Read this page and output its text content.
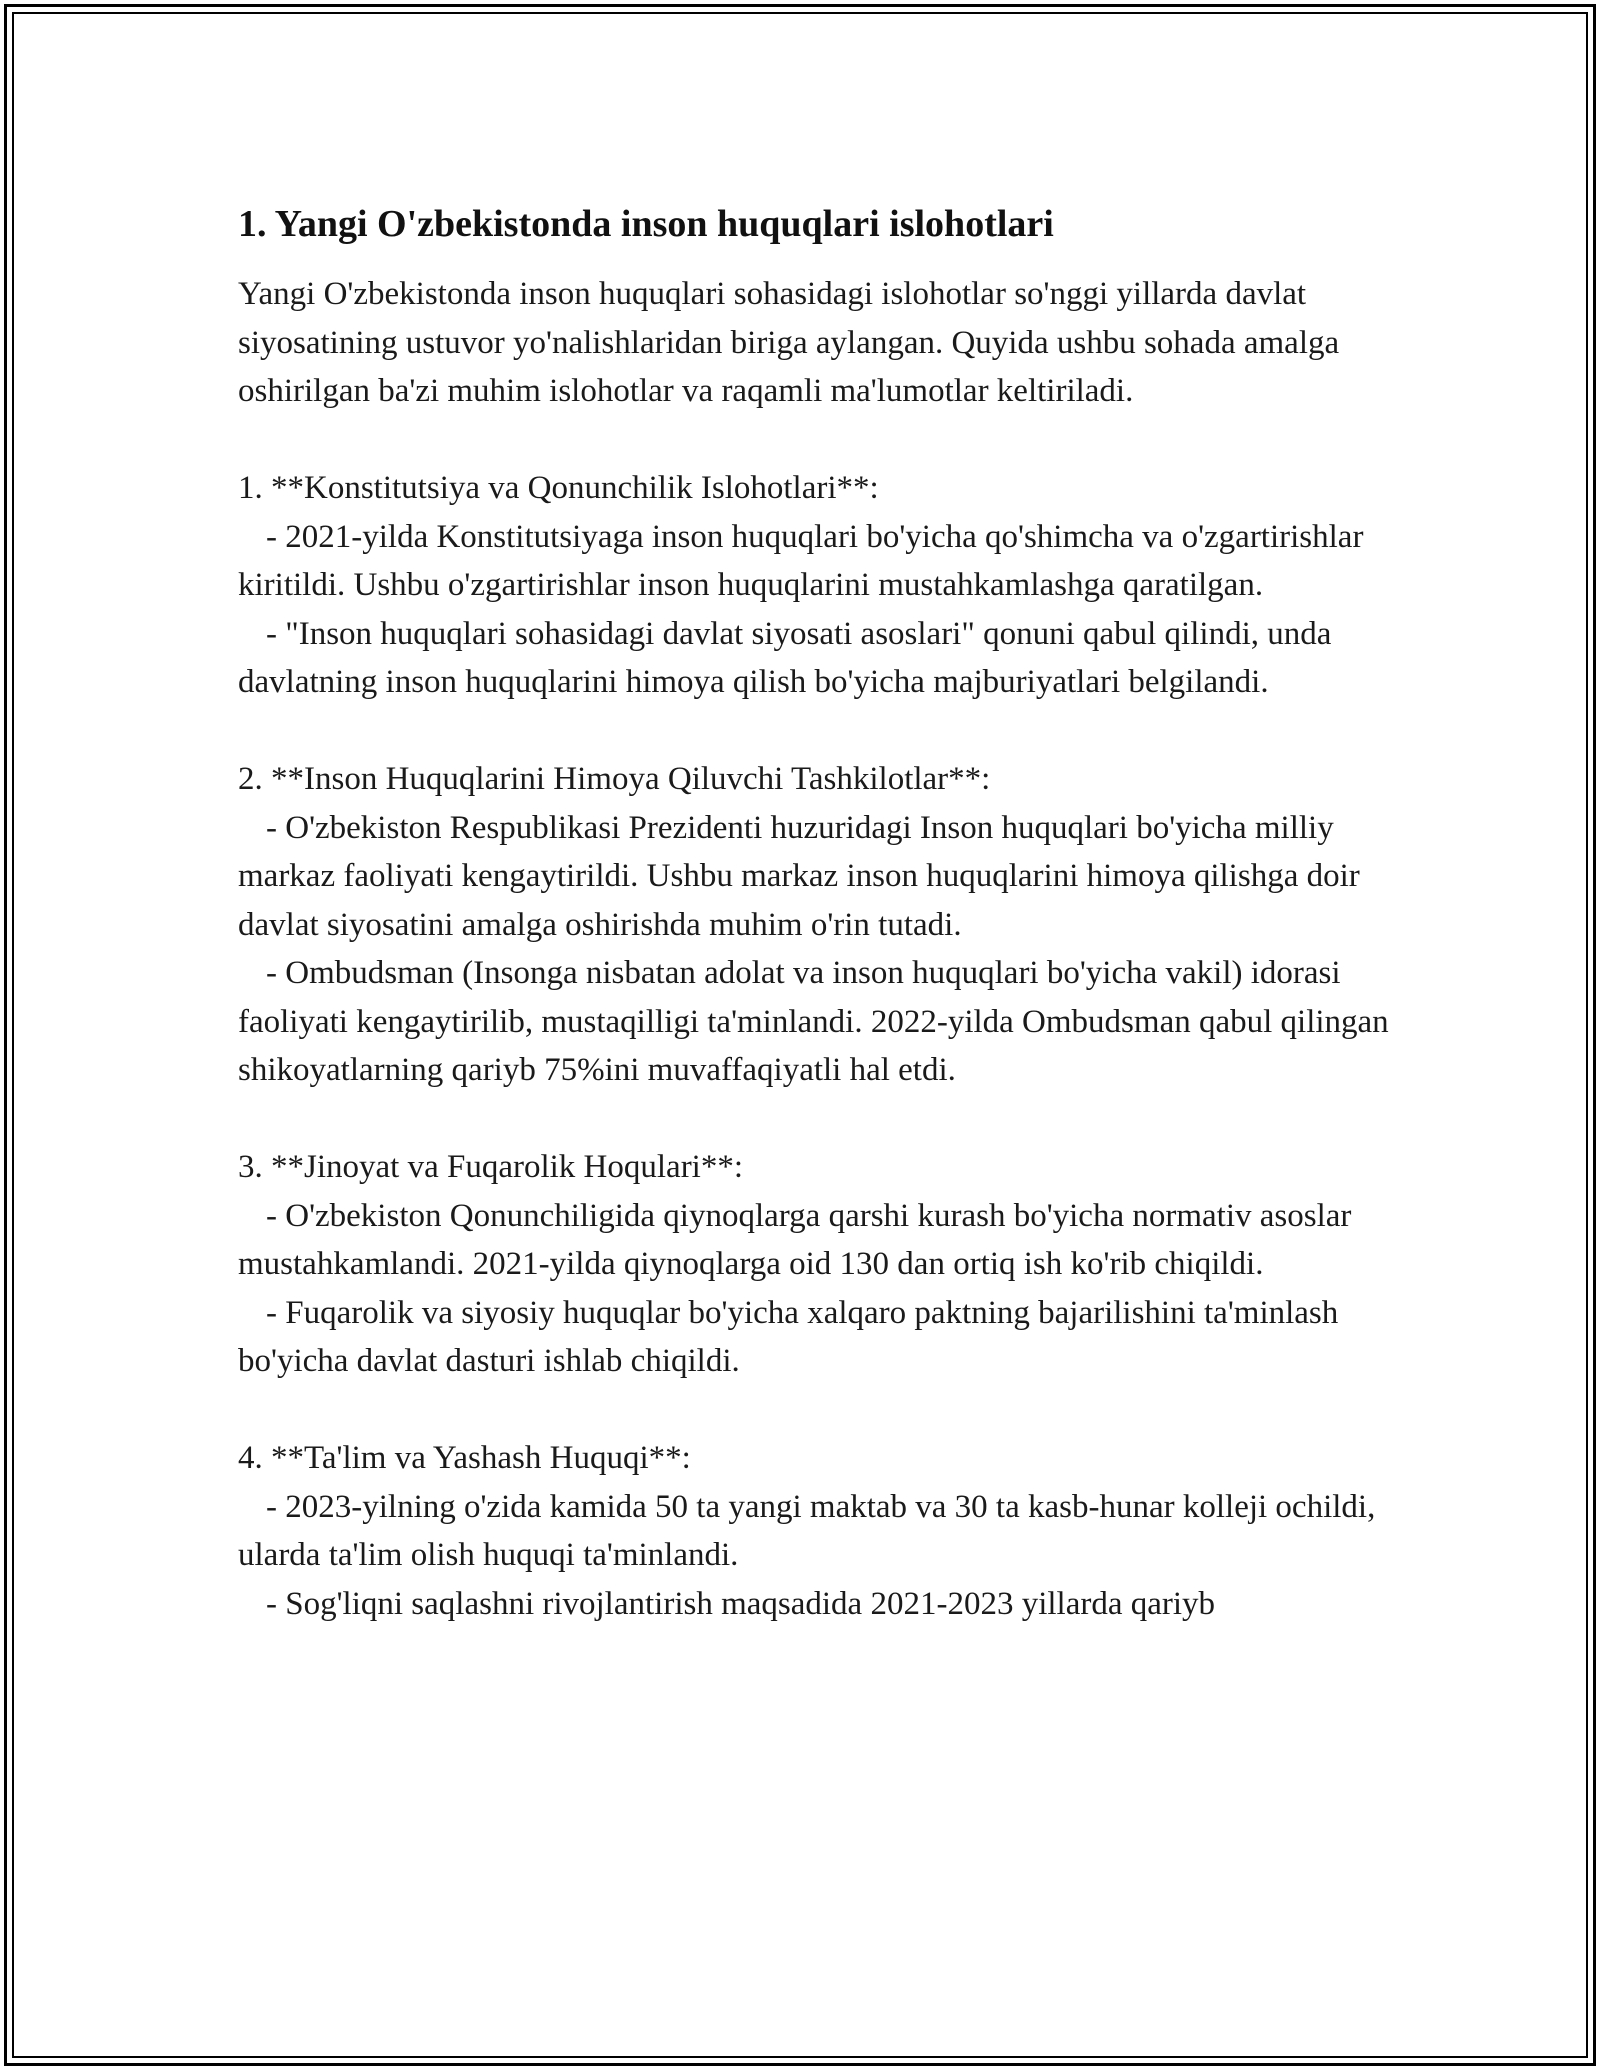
1. Yangi O'zbekistonda inson huquqlari islohotlari

Yangi O'zbekistonda inson huquqlari sohasidagi islohotlar so'nggi yillarda davlat siyosatining ustuvor yo'nalishlaridan biriga aylangan. Quyida ushbu sohada amalga oshirilgan ba'zi muhim islohotlar va raqamli ma'lumotlar keltiriladi.

1. **Konstitutsiya va Qonunchilik Islohotlari**:

- 2021-yilda Konstitutsiyaga inson huquqlari bo'yicha qo'shimcha va o'zgartirishlar kiritildi. Ushbu o'zgartirishlar inson huquqlarini mustahkamlashga qaratilgan.

- "Inson huquqlari sohasidagi davlat siyosati asoslari" qonuni qabul qilindi, unda davlatning inson huquqlarini himoya qilish bo'yicha majburiyatlari belgilandi.

2. **Inson Huquqlarini Himoya Qiluvchi Tashkilotlar**:

- O'zbekiston Respublikasi Prezidenti huzuridagi Inson huquqlari bo'yicha milliy markaz faoliyati kengaytirildi. Ushbu markaz inson huquqlarini himoya qilishga doir davlat siyosatini amalga oshirishda muhim o'rin tutadi.

- Ombudsman (Insonga nisbatan adolat va inson huquqlari bo'yicha vakil) idorasi faoliyati kengaytirilib, mustaqilligi ta'minlandi. 2022-yilda Ombudsman qabul qilingan shikoyatlarning qariyb 75%ini muvaffaqiyatli hal etdi.

3. **Jinoyat va Fuqarolik Hoqulari**:

- O'zbekiston Qonunchiligida qiynoqlarga qarshi kurash bo'yicha normativ asoslar mustahkamlandi. 2021-yilda qiynoqlarga oid 130 dan ortiq ish ko'rib chiqildi.

- Fuqarolik va siyosiy huquqlar bo'yicha xalqaro paktning bajarilishini ta'minlash bo'yicha davlat dasturi ishlab chiqildi.

4. **Ta'lim va Yashash Huquqi**:

- 2023-yilning o'zida kamida 50 ta yangi maktab va 30 ta kasb-hunar kolleji ochildi, ularda ta'lim olish huquqi ta'minlandi.

- Sog'liqni saqlashni rivojlantirish maqsadida 2021-2023 yillarda qariyb
